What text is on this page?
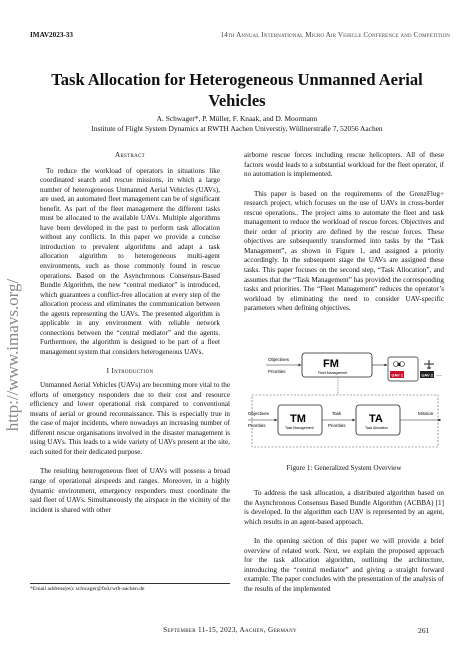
IMAV2023-33	14th Annual International Micro Air Vehicle Conference and Competition
http://www.imavs.org/
Task Allocation for Heterogeneous Unmanned Aerial Vehicles
A. Schwager*, P. Müller, F. Knaak, and D. Moormann
Institute of Flight System Dynamics at RWTH Aachen Universtiy, Wüllnerstraße 7, 52056 Aachen

Abstract

To reduce the workload of operators in situations like coordinated search and rescue missions, in which a large number of heterogeneous Unmanned Aerial Vehicles (UAVs), are used, an automated fleet management can be of significant benefit. As part of the fleet management the different tasks must be allocated to the available UAVs. Multiple algorithms have been developed in the past to perform task allocation without any conflicts. In this paper we provide a concise introduction to prevalent algorithms and adapt a task allocation algorithm to heterogeneous multi-agent environments, such as those commonly found in rescue operations. Based on the Asynchronous Consensus-Based Bundle Algorithm, the new “central mediator” is introduced, which guarantees a conflict-free allocation at every step of the allocation process and eliminates the communication between the agents representing the UAVs. The presented algorithm is applicable in any environment with reliable network connections between the “central mediator” and the agents. Furthermore, the algorithm is designed to be part of a fleet management system that considers heterogeneous UAVs.

I Introduction

Unmanned Aerial Vehicles (UAVs) are becoming more vital to the efforts of emergency responders due to their cost and resource efficiency and lower operational risk compared to conventional means of aerial or ground reconnaissance. This is especially true in the case of major incidents, where nowadays an increasing number of different rescue organisations involved in the disaster management is using UAVs. This leads to a wide variety of UAVs present at the site, each suited for their dedicated purpose.

The resulting heterogeneous fleet of UAVs will possess a broad range of operational airspeeds and ranges. Moreover, in a highly dynamic environment, emergency responders must coordinate the said fleet of UAVs. Simultaneously the airspace in the vicinity of the incident is shared with other

*Email address(es): schwager@fsd.rwth-aachen.de

airborne rescue forces including rescue helicopters. All of these factors would leads to a substantial workload for the fleet operator, if no automation is implemented.

This paper is based on the requirements of the GrenzFlug+ research project, which focuses on the use of UAVs in cross-border rescue operations.. The project aims to automate the fleet and task management to reduce the workload of rescue forces. Objectives and their order of priority are defined by the rescue forces. These objectives are subsequently transformed into tasks by the “Task Management”, as shown in Figure 1, and assigned a priority accordingly. In the subsequent stage the UAVs are assigned these tasks. This paper focuses on the second step, “Task Allocation”, and assumes that the “Task Management” has provided the corresponding tasks and priorities. The “Fleet Management” reduces the operator’s workload by eliminating the need to consider UAV-specific parameters when defining objectives.

FM
Fleet Management
Objectives
Priorities
UAV 1	UAV 2 …
TM
Task Management
TA
Task Allocation
Objectives
Priorities
Task
Priorities
Mission
Figure 1: Generalized System Overview

To address the task allocation, a distributed algorithm based on the Asynchronous Consensus Based Bundle Algorithm (ACBBA) [1] is developed. In the algorithm each UAV is represented by an agent, which results in an agent-based approach.

In the opening section of this paper we will provide a brief overview of related work. Next, we explain the proposed approach for the task allocation algorithm, outlining the architecture, introducing the “central mediator” and giving a straight forward example. The paper concludes with the presentation of the analysis of the results of the implemented

September 11-15, 2023, Aachen, Germany	261
